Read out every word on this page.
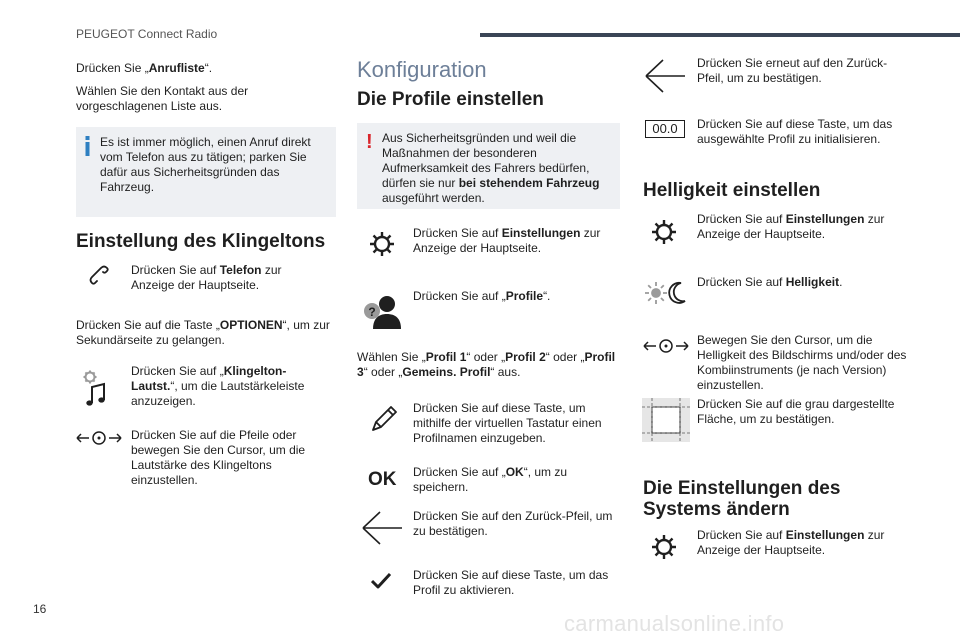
PEUGEOT Connect Radio
16
carmanualsonline.info
Drücken Sie „Anrufliste“.
Wählen Sie den Kontakt aus der vorgeschlagenen Liste aus.
Es ist immer möglich, einen Anruf direkt vom Telefon aus zu tätigen; parken Sie dafür aus Sicherheitsgründen das Fahrzeug.
Einstellung des Klingeltons
Drücken Sie auf Telefon zur Anzeige der Hauptseite.
Drücken Sie auf die Taste „OPTIONEN“, um zur Sekundärseite zu gelangen.
Drücken Sie auf „Klingelton-Lautst.“, um die Lautstärkeleiste anzuzeigen.
Drücken Sie auf die Pfeile oder bewegen Sie den Cursor, um die Lautstärke des Klingeltons einzustellen.
Konfiguration
Die Profile einstellen
! Aus Sicherheitsgründen und weil die Maßnahmen der besonderen Aufmerksamkeit des Fahrers bedürfen, dürfen sie nur bei stehendem Fahrzeug ausgeführt werden.
Drücken Sie auf Einstellungen zur Anzeige der Hauptseite.
?
Drücken Sie auf „Profile“.
Wählen Sie „Profil 1“ oder „Profil 2“ oder „Profil 3“ oder „Gemeins. Profil“ aus.
Drücken Sie auf diese Taste, um mithilfe der virtuellen Tastatur einen Profilnamen einzugeben.
OK Drücken Sie auf „OK“, um zu speichern.
Drücken Sie auf den Zurück-Pfeil, um zu bestätigen.
Drücken Sie auf diese Taste, um das Profil zu aktivieren.
Drücken Sie erneut auf den Zurück-Pfeil, um zu bestätigen.
00.0	Drücken Sie auf diese Taste, um das ausgewählte Profil zu initialisieren.
Helligkeit einstellen
Drücken Sie auf Einstellungen zur Anzeige der Hauptseite.
Drücken Sie auf Helligkeit.
Bewegen Sie den Cursor, um die Helligkeit des Bildschirms und/oder des Kombiinstruments (je nach Version) einzustellen.
Drücken Sie auf die grau dargestellte Fläche, um zu bestätigen.
Die Einstellungen des Systems ändern
Drücken Sie auf Einstellungen zur Anzeige der Hauptseite.
